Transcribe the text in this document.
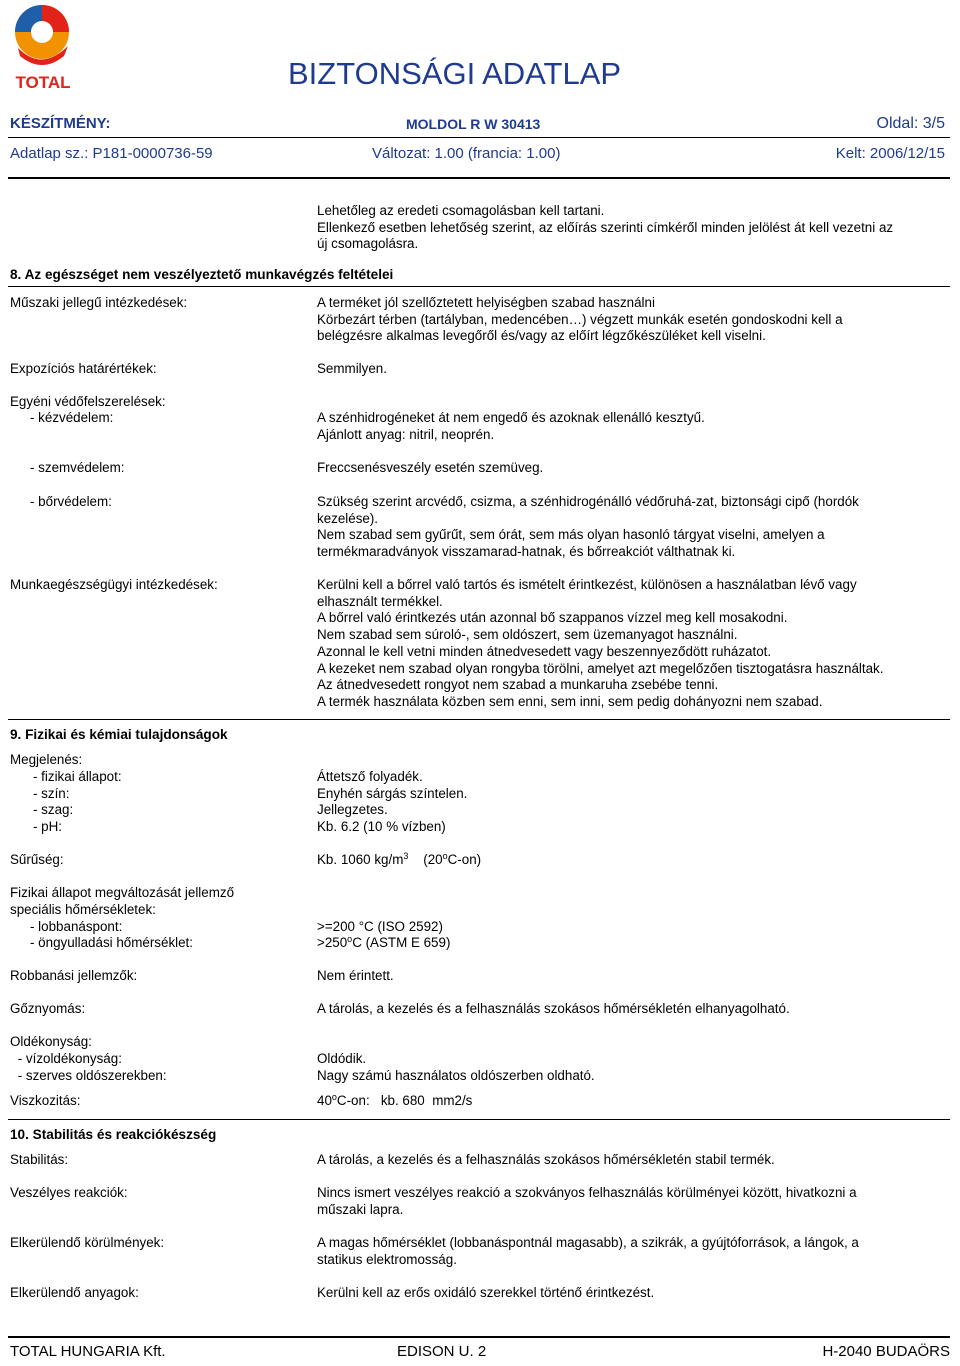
TOTAL	BIZTONSÁGI ADATLAP
KÉSZÍTMÉNY:	MOLDOL R W 30413	Oldal: 3/5
Adatlap sz.: P181-0000736-59	Változat: 1.00 (francia: 1.00)	Kelt: 2006/12/15
Lehetőleg az eredeti csomagolásban kell tartani.
Ellenkező esetben lehetőség szerint, az előírás szerinti címkéről minden jelölést át kell vezetni az
új csomagolásra.
8. Az egészséget nem veszélyeztető munkavégzés feltételei
Műszaki jellegű intézkedések:	A terméket jól szellőztetett helyiségben szabad használni
Körbezárt térben (tartályban, medencében…) végzett munkák esetén gondoskodni kell a
belégzésre alkalmas levegőről és/vagy az előírt légzőkészüléket kell viselni.
Expozíciós határértékek:	Semmilyen.
Egyéni védőfelszerelések:
- kézvédelem:	A szénhidrogéneket át nem engedő és azoknak ellenálló kesztyű.
Ajánlott anyag: nitril, neoprén.
- szemvédelem:	Freccsenésveszély esetén szemüveg.
- bőrvédelem:	Szükség szerint arcvédő, csizma, a szénhidrogénálló védőruhá-zat, biztonsági cipő (hordók
kezelése).
Nem szabad sem gyűrűt, sem órát, sem más olyan hasonló tárgyat viselni, amelyen a
termékmaradványok visszamarad-hatnak, és bőrreakciót válthatnak ki.
Munkaegészségügyi intézkedések:	Kerülni kell a bőrrel való tartós és ismételt érintkezést, különösen a használatban lévő vagy
elhasznált termékkel.
A bőrrel való érintkezés után azonnal bő szappanos vízzel meg kell mosakodni.
Nem szabad sem súroló-, sem oldószert, sem üzemanyagot használni.
Azonnal le kell vetni minden átnedvesedett vagy beszennyeződött ruházatot.
A kezeket nem szabad olyan rongyba törölni, amelyet azt megelőzően tisztogatásra használtak.
Az átnedvesedett rongyot nem szabad a munkaruha zsebébe tenni.
A termék használata közben sem enni, sem inni, sem pedig dohányozni nem szabad.
9. Fizikai és kémiai tulajdonságok
Megjelenés:
- fizikai állapot:	Áttetsző folyadék.
- szín:	Enyhén sárgás színtelen.
- szag:	Jellegzetes.
- pH:	Kb. 6.2 (10 % vízben)
Sűrűség:	Kb. 1060 $kg/m^3$ (20$^o$C-on)
Fizikai állapot megváltozását jellemző
speciális hőmérsékletek:
- lobbanáspont:	>=200 °C (ISO 2592)
- öngyulladási hőmérséklet:	$>250^oC$ (ASTM E 659)
Robbanási jellemzők:	Nem érintett.
Gőznyomás:	A tárolás, a kezelés és a felhasználás szokásos hőmérsékletén elhanyagolható.
Oldékonyság:
- vízoldékonyság:	Oldódik.
- szerves oldószerekben:	Nagy számú használatos oldószerben oldható.
Viszkozitás:	40$^o$C-on:   kb. 680  mm2/s
10. Stabilitás és reakciókészség
Stabilitás:	A tárolás, a kezelés és a felhasználás szokásos hőmérsékletén stabil termék.
Veszélyes reakciók:	Nincs ismert veszélyes reakció a szokványos felhasználás körülményei között, hivatkozni a
műszaki lapra.
Elkerülendő körülmények:	A magas hőmérséklet (lobbanáspontnál magasabb), a szikrák, a gyújtóforrások, a lángok, a
statikus elektromosság.
Elkerülendő anyagok:	Kerülni kell az erős oxidáló szerekkel történő érintkezést.
TOTAL HUNGARIA Kft.	EDISON U. 2	H-2040 BUDAÖRS
